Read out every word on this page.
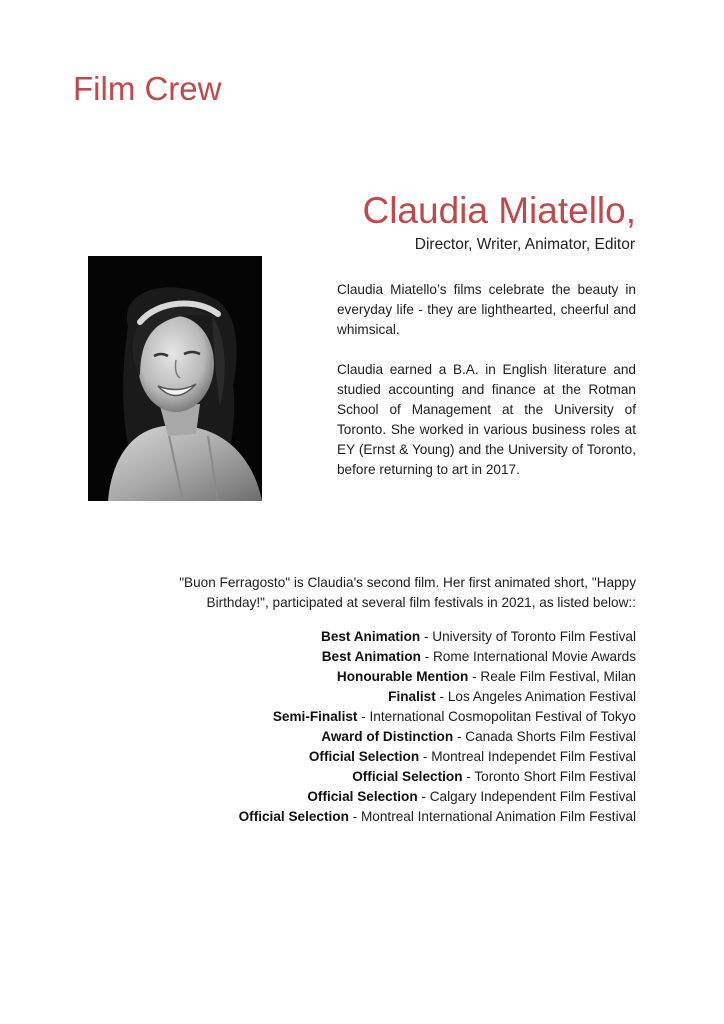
Film Crew
Claudia Miatello,

Director, Writer, Animator, Editor

Claudia Miatello’s films celebrate the beauty in everyday life - they are lighthearted, cheerful and whimsical.

Claudia earned a B.A. in English literature and studied accounting and finance at the Rotman School of Management at the University of Toronto. She worked in various business roles at EY (Ernst & Young) and the University of Toronto, before returning to art in 2017.

"Buon Ferragosto" is Claudia's second film. Her first animated short, "Happy
Birthday!", participated at several film festivals in 2021, as listed below::

Best Animation - University of Toronto Film Festival
Best Animation - Rome International Movie Awards
Honourable Mention - Reale Film Festival, Milan
Finalist - Los Angeles Animation Festival
Semi-Finalist - International Cosmopolitan Festival of Tokyo
Award of Distinction - Canada Shorts Film Festival
Official Selection - Montreal Independet Film Festival
Official Selection - Toronto Short Film Festival
Official Selection - Calgary Independent Film Festival
Official Selection - Montreal International Animation Film Festival
